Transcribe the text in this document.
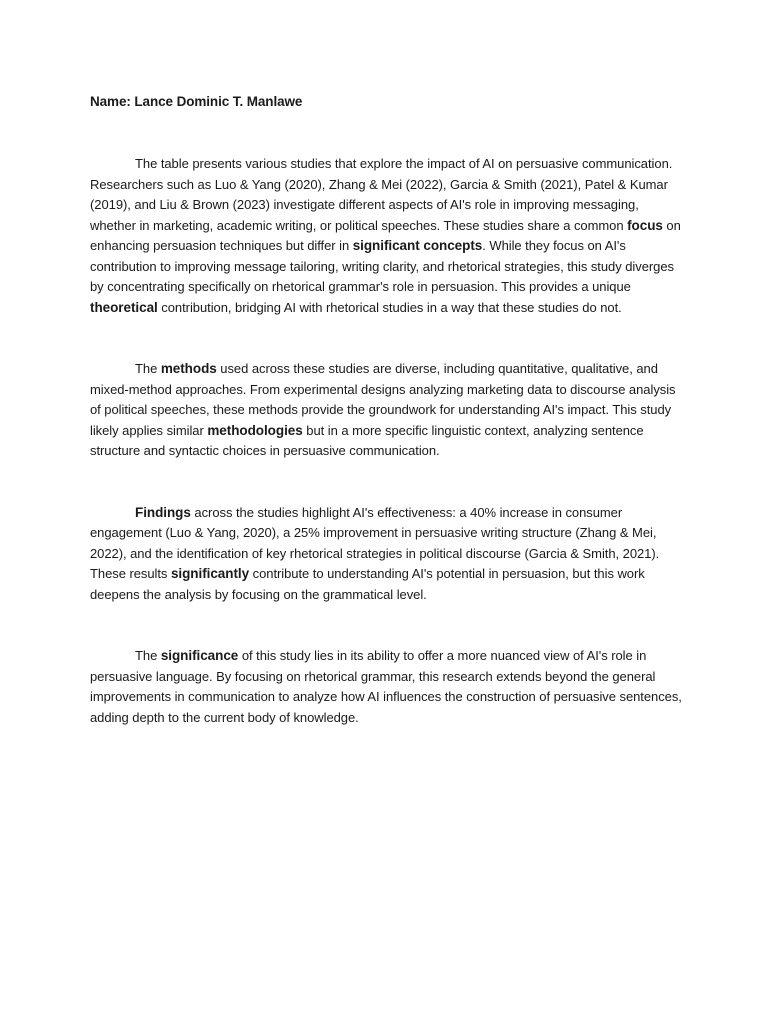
Name: Lance Dominic T. Manlawe

The table presents various studies that explore the impact of AI on persuasive communication. Researchers such as Luo & Yang (2020), Zhang & Mei (2022), Garcia & Smith (2021), Patel & Kumar (2019), and Liu & Brown (2023) investigate different aspects of AI's role in improving messaging, whether in marketing, academic writing, or political speeches. These studies share a common focus on enhancing persuasion techniques but differ in significant concepts. While they focus on AI's contribution to improving message tailoring, writing clarity, and rhetorical strategies, this study diverges by concentrating specifically on rhetorical grammar's role in persuasion. This provides a unique theoretical contribution, bridging AI with rhetorical studies in a way that these studies do not.

The methods used across these studies are diverse, including quantitative, qualitative, and mixed-method approaches. From experimental designs analyzing marketing data to discourse analysis of political speeches, these methods provide the groundwork for understanding AI's impact. This study likely applies similar methodologies but in a more specific linguistic context, analyzing sentence structure and syntactic choices in persuasive communication.

Findings across the studies highlight AI's effectiveness: a 40% increase in consumer engagement (Luo & Yang, 2020), a 25% improvement in persuasive writing structure (Zhang & Mei, 2022), and the identification of key rhetorical strategies in political discourse (Garcia & Smith, 2021). These results significantly contribute to understanding AI's potential in persuasion, but this work deepens the analysis by focusing on the grammatical level.

The significance of this study lies in its ability to offer a more nuanced view of AI's role in persuasive language. By focusing on rhetorical grammar, this research extends beyond the general improvements in communication to analyze how AI influences the construction of persuasive sentences, adding depth to the current body of knowledge.
